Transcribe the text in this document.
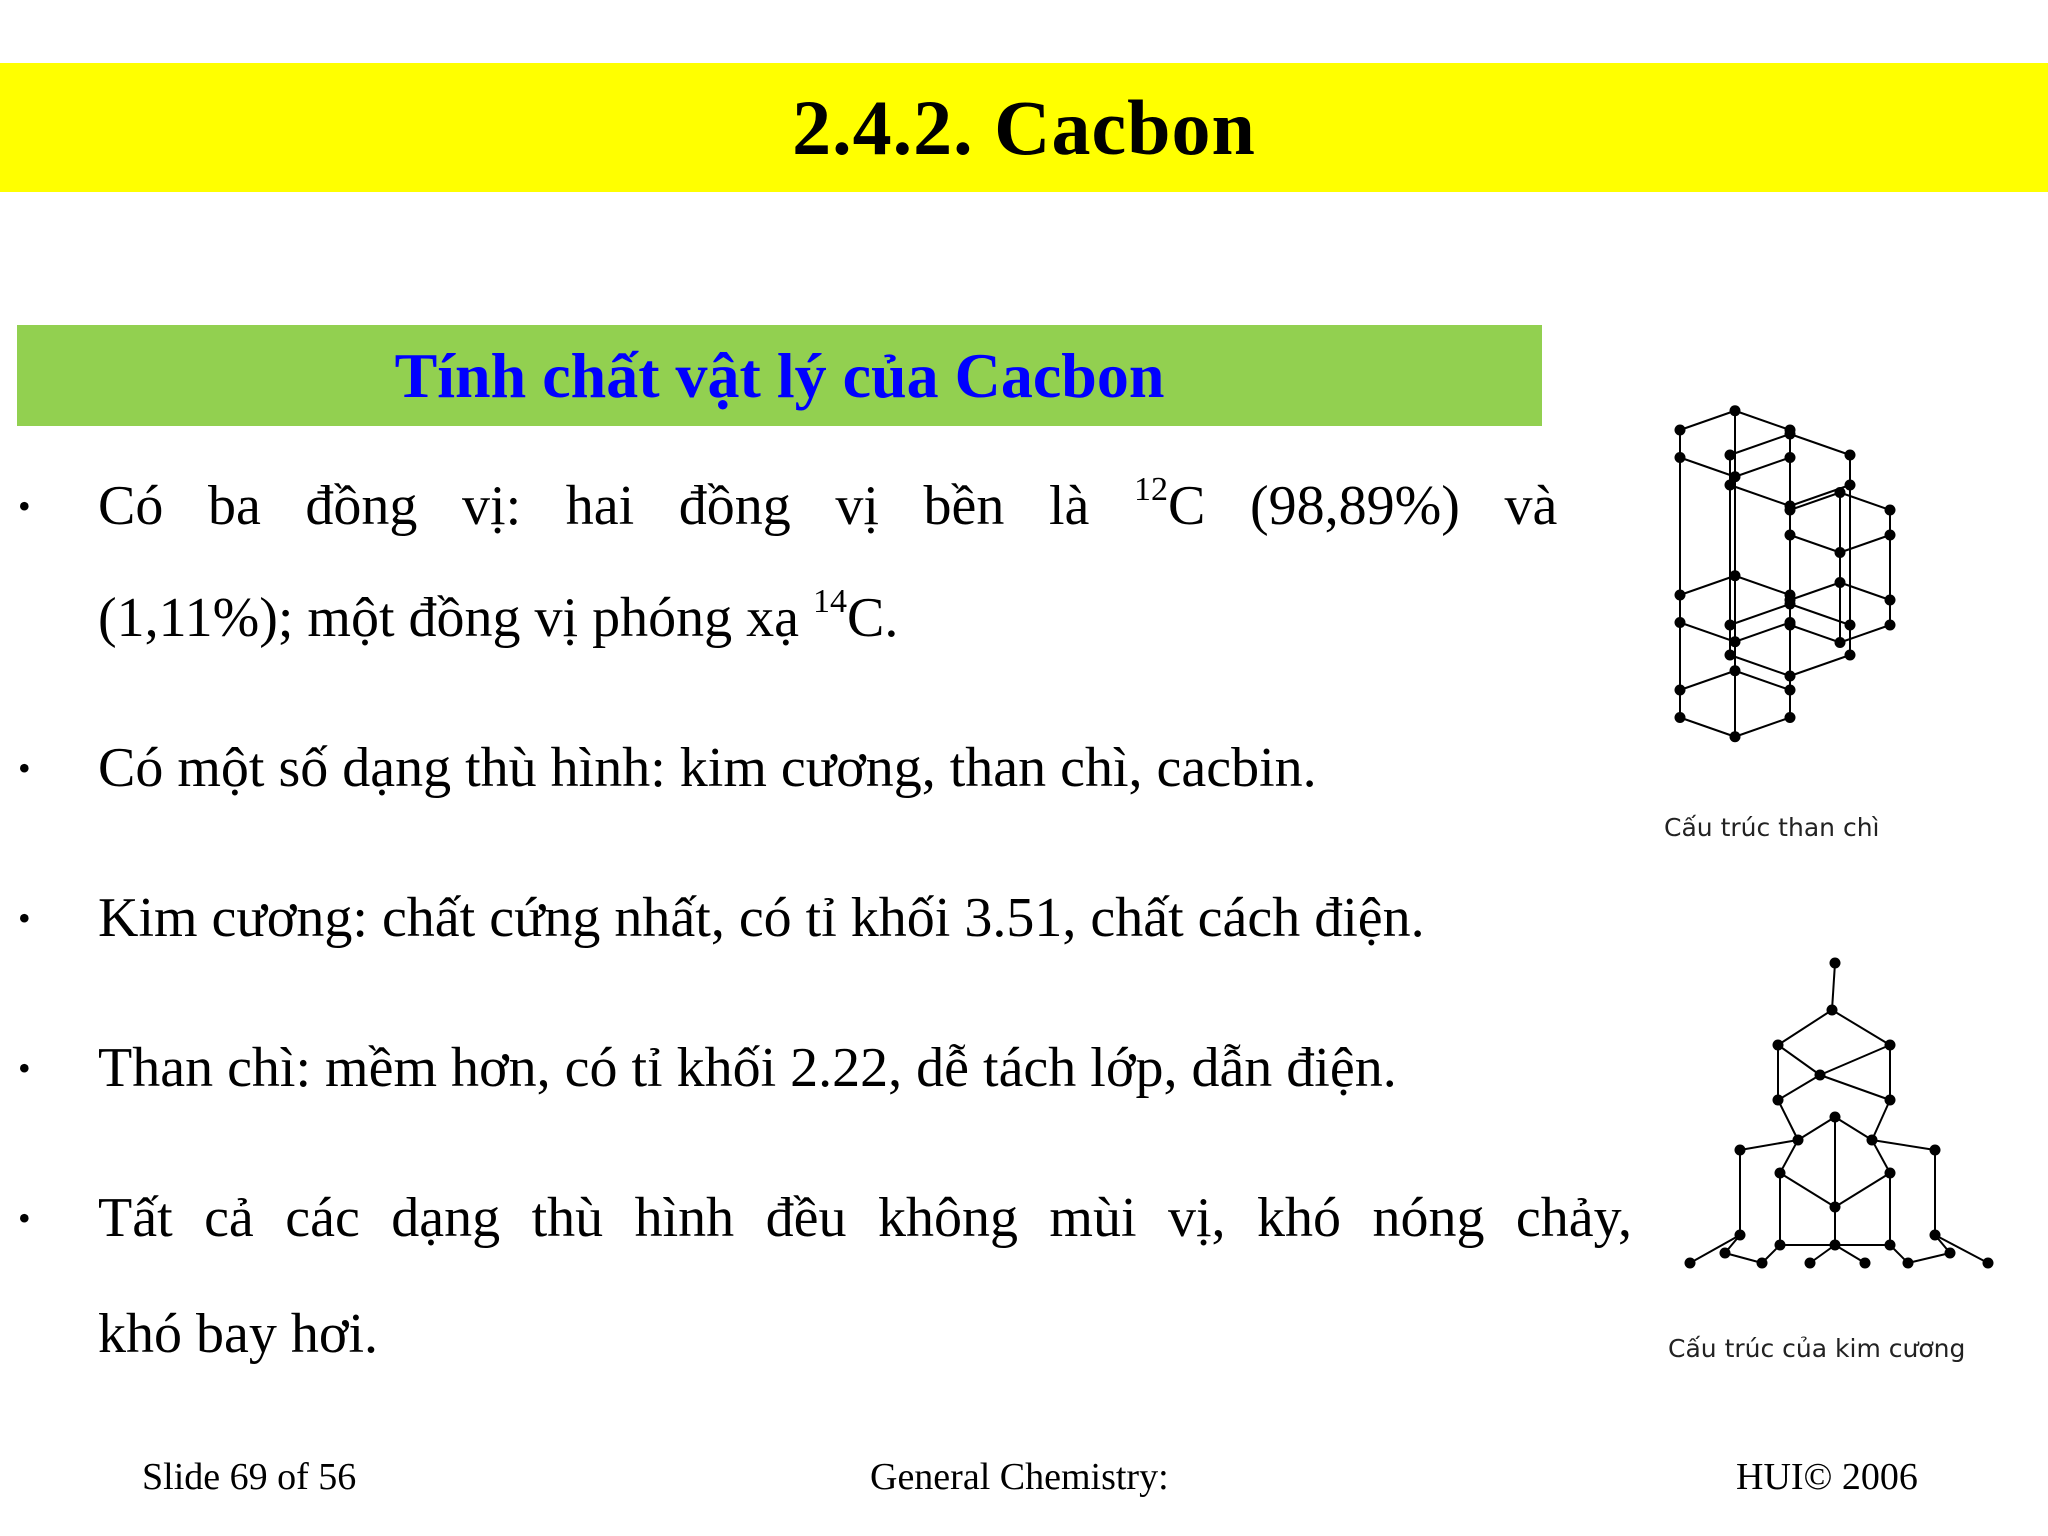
2.4.2. Cacbon
Tính chất vật lý của Cacbon
• Có ba đồng vị: hai đồng vị bền là $^{12}$C (98,89%) và
(1,11%); một đồng vị phóng xạ $^{14}$C.
• Có một số dạng thù hình: kim cương, than chì, cacbin.
• Kim cương: chất cứng nhất, có tỉ khối 3.51, chất cách điện.
• Than chì: mềm hơn, có tỉ khối 2.22, dễ tách lớp, dẫn điện.
• Tất cả các dạng thù hình đều không mùi vị, khó nóng chảy,
khó bay hơi.
Cấu trúc than chì
Cấu trúc của kim cương
Slide 69 of 56	General Chemistry:	HUI© 2006
